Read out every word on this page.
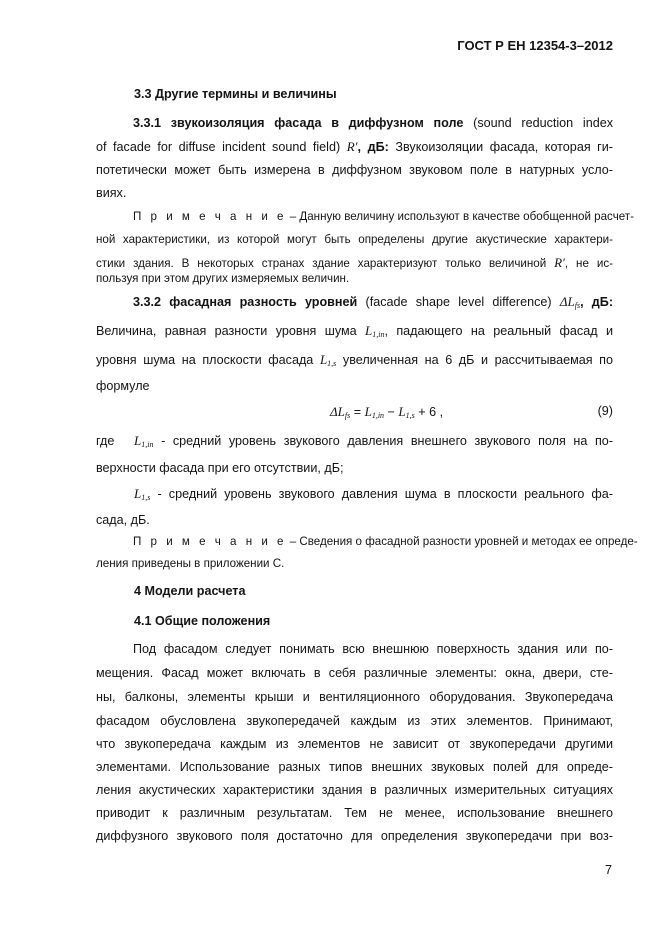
ГОСТ Р ЕН 12354-3–2012
3.3 Другие термины и величины
3.3.1 звукоизоляция фасада в диффузном поле (sound reduction index
of facade for diffuse incident sound field) R′, дБ: Звукоизоляции фасада, которая ги-
потетически может быть измерена в диффузном звуковом поле в натурных усло-
виях.
П р и м е ч а н и е – Данную величину используют в качестве обобщенной расчет-
ной характеристики, из которой могут быть определены другие акустические характери-
стики здания. В некоторых странах здание характеризуют только величиной R′, не ис-
пользуя при этом других измеряемых величин.
3.3.2 фасадная разность уровней (facade shape level difference) $\Delta L_{fs}$, дБ:
Величина, равная разности уровня шума $L_{1,in}$, падающего на реальный фасад и
уровня шума на плоскости фасада $L_{1,s}$ увеличенная на 6 дБ и рассчитываемая по
формуле
$\Delta L_{fs} = L_{1,in} - L_{1,s} + 6$ ,	(9)
где $L_{1,in}$ - средний уровень звукового давления внешнего звукового поля на по-
верхности фасада при его отсутствии, дБ;
$L_{1,s}$ - средний уровень звукового давления шума в плоскости реального фа-
сада, дБ.
П р и м е ч а н и е – Сведения о фасадной разности уровней и методах ее опреде-
ления приведены в приложении С.
4 Модели расчета
4.1 Общие положения
Под фасадом следует понимать всю внешнюю поверхность здания или по-
мещения. Фасад может включать в себя различные элементы: окна, двери, сте-
ны, балконы, элементы крыши и вентиляционного оборудования. Звукопередача
фасадом обусловлена звукопередачей каждым из этих элементов. Принимают,
что звукопередача каждым из элементов не зависит от звукопередачи другими
элементами. Использование разных типов внешних звуковых полей для опреде-
ления акустических характеристики здания в различных измерительных ситуациях
приводит к различным результатам. Тем не менее, использование внешнего
диффузного звукового поля достаточно для определения звукопередачи при воз-
7
